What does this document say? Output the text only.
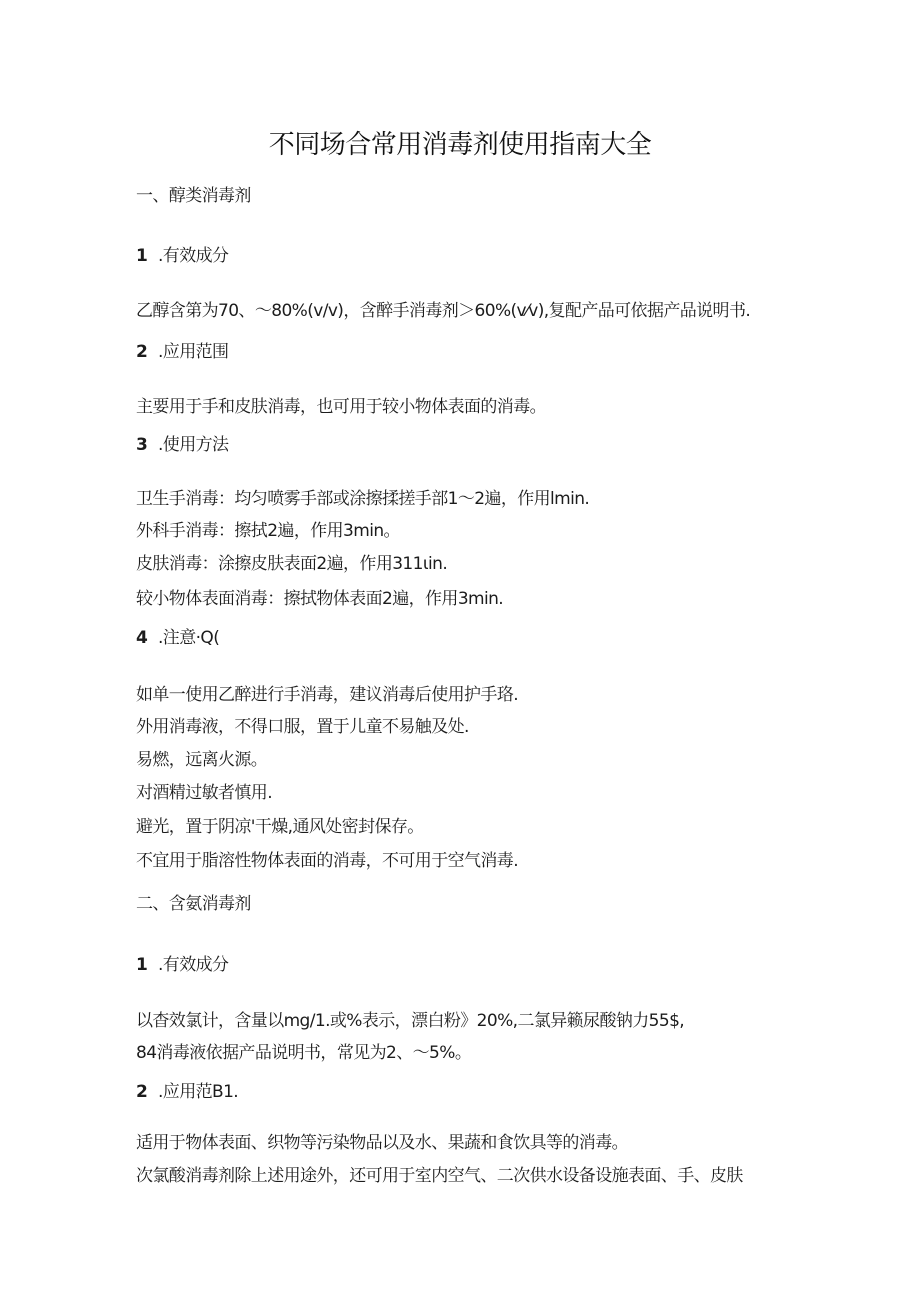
不同场合常用消毒剂使用指南大全
一、醇类消毒剂
1 .有效成分
乙醇含第为70、〜80%(v/v)，含醉手消毒剂＞60%(v⁄v),复配产品可依据产品说明书.
2 .应用范围
主要用于手和皮肤消毒，也可用于较小物体表面的消毒。
3 .使用方法
卫生手消毒：均匀喷雾手部或涂擦揉搓手部1〜2遍，作用lmin.
外科手消毒：擦拭2遍，作用3min。
皮肤消毒：涂擦皮肤表面2遍，作用311ιin.
较小物体表面消毒：擦拭物体表面2遍，作用3min.
4 .注意·Q(
如单一使用乙醉进行手消毒，建议消毒后使用护手珞.
外用消毒液，不得口服，置于儿童不易触及处.
易燃，远离火源。
对酒精过敏者慎用.
避光，置于阴凉'干燥,通风处密封保存。
不宜用于脂溶性物体表面的消毒，不可用于空气消毒.
二、含氨消毒剂
1 .有效成分
以杳效氯计，含量以mg/1.或%表示，漂白粉》20%,二氯异籁尿酸钠力55$,
84消毒液依据产品说明书，常见为2、〜5%。
2 .应用范B1.
适用于物体表面、织物等污染物品以及水、果蔬和食饮具等的消毒。
次氯酸消毒剂除上述用途外，还可用于室内空气、二次供水设备设施表面、手、皮肤
